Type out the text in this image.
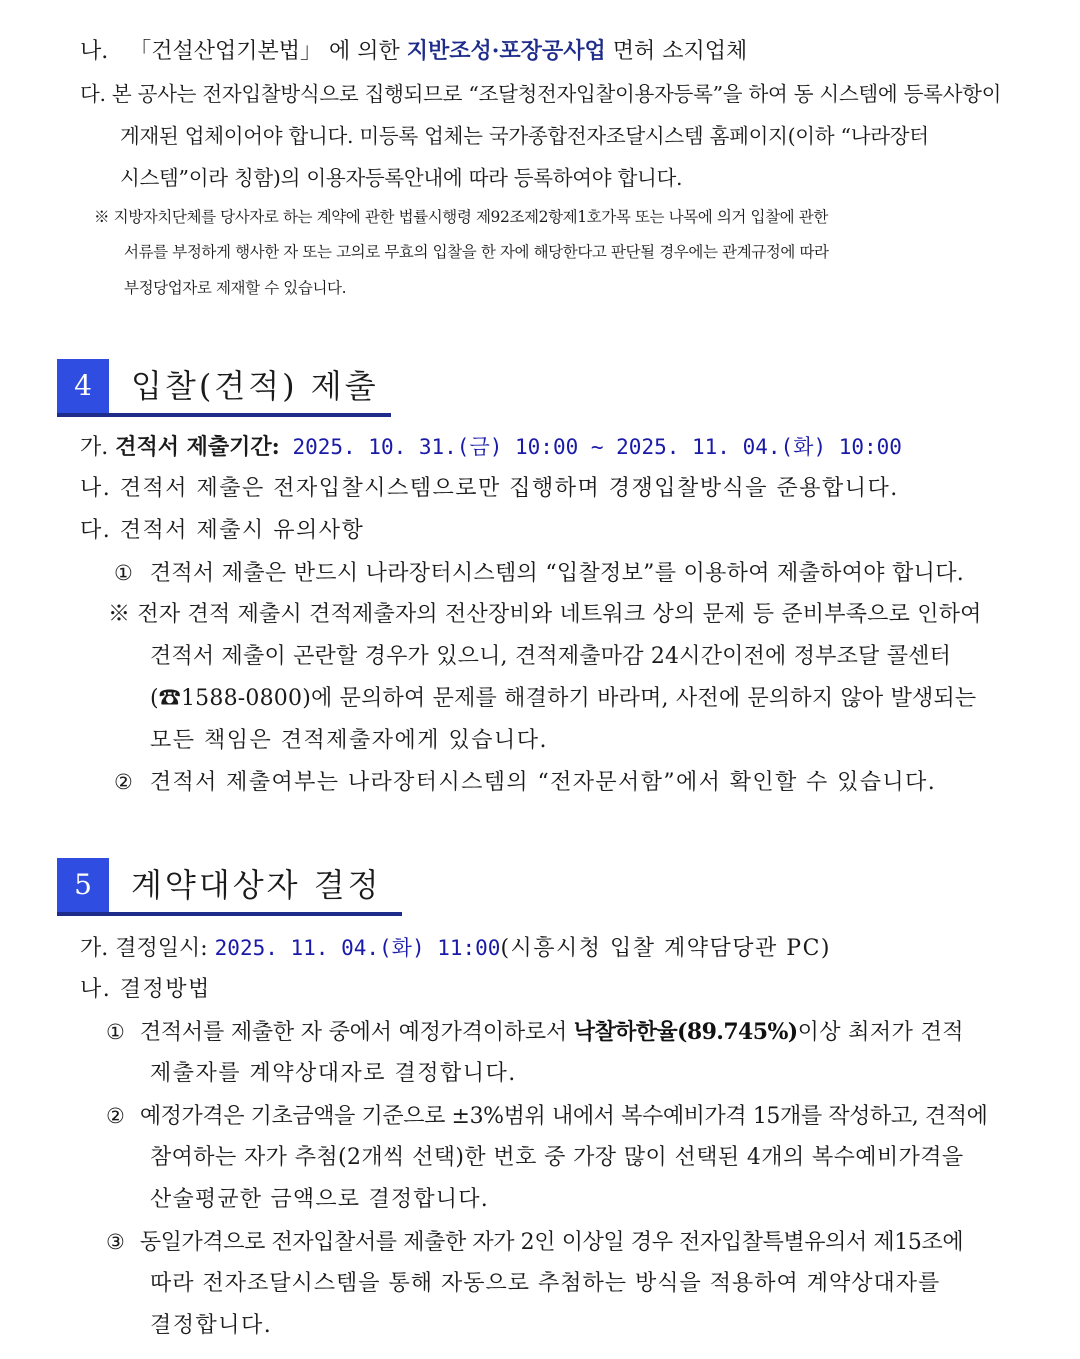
나. 「건설산업기본법」 에 의한 지반조성·포장공사업 면허 소지업체
다. 본 공사는 전자입찰방식으로 집행되므로 “조달청전자입찰이용자등록”을 하여 동 시스템에 등록사항이
게재된 업체이어야 합니다. 미등록 업체는 국가종합전자조달시스템 홈페이지(이하 “나라장터
시스템”이라 칭함)의 이용자등록안내에 따라 등록하여야 합니다.
※ 지방자치단체를 당사자로 하는 계약에 관한 법률시행령 제92조제2항제1호가목 또는 나목에 의거 입찰에 관한
서류를 부정하게 행사한 자 또는 고의로 무효의 입찰을 한 자에 해당한다고 판단될 경우에는 관계규정에 따라
부정당업자로 제재할 수 있습니다.
4	입찰(견적) 제출
가. 견적서 제출기간: 2025. 10. 31.(금) 10:00 ~ 2025. 11. 04.(화) 10:00
나. 견적서 제출은 전자입찰시스템으로만 집행하며 경쟁입찰방식을 준용합니다.
다. 견적서 제출시 유의사항
① 견적서 제출은 반드시 나라장터시스템의 “입찰정보”를 이용하여 제출하여야 합니다.
※ 전자 견적 제출시 견적제출자의 전산장비와 네트워크 상의 문제 등 준비부족으로 인하여
견적서 제출이 곤란할 경우가 있으니, 견적제출마감 24시간이전에 정부조달 콜센터
(☎1588-0800)에 문의하여 문제를 해결하기 바라며, 사전에 문의하지 않아 발생되는
모든 책임은 견적제출자에게 있습니다.
② 견적서 제출여부는 나라장터시스템의 “전자문서함”에서 확인할 수 있습니다.
5	계약대상자 결정
가. 결정일시: 2025. 11. 04.(화) 11:00(시흥시청 입찰 계약담당관 PC)
나. 결정방법
① 견적서를 제출한 자 중에서 예정가격이하로서 낙찰하한율(89.745%)이상 최저가 견적
제출자를 계약상대자로 결정합니다.
② 예정가격은 기초금액을 기준으로 ±3%범위 내에서 복수예비가격 15개를 작성하고, 견적에
참여하는 자가 추첨(2개씩 선택)한 번호 중 가장 많이 선택된 4개의 복수예비가격을
산술평균한 금액으로 결정합니다.
③ 동일가격으로 전자입찰서를 제출한 자가 2인 이상일 경우 전자입찰특별유의서 제15조에
따라 전자조달시스템을 통해 자동으로 추첨하는 방식을 적용하여 계약상대자를
결정합니다.
